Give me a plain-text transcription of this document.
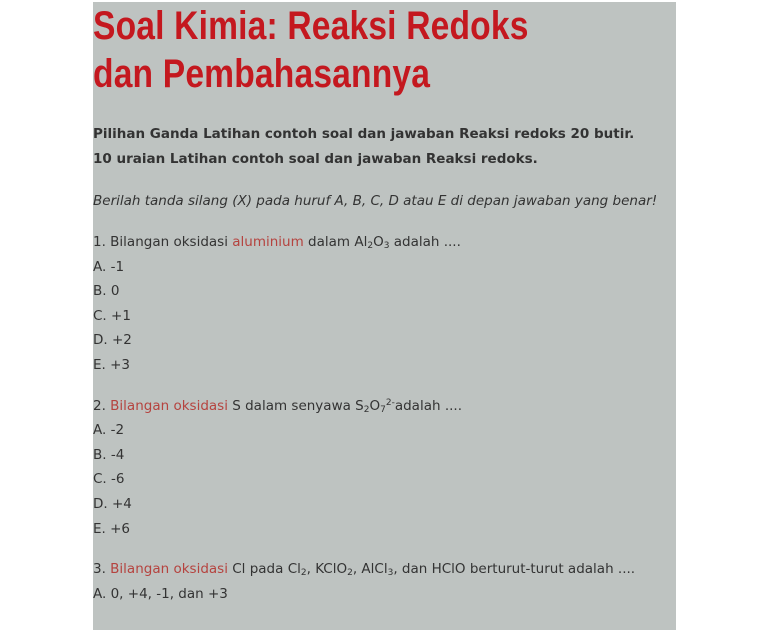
Soal Kimia: Reaksi Redoks
dan Pembahasannya

Pilihan Ganda Latihan contoh soal dan jawaban Reaksi redoks 20 butir.
10 uraian Latihan contoh soal dan jawaban Reaksi redoks.

Berilah tanda silang (X) pada huruf A, B, C, D atau E di depan jawaban yang benar!

1. Bilangan oksidasi aluminium dalam $Al_2O_3$ adalah ....
A. -1
B. 0
C. +1
D. +2
E. +3
2. Bilangan oksidasi S dalam senyawa $S_2O_7^{2-}adalah$ ....
A. -2
B. -4
C. -6
D. +4
E. +6
3. Bilangan oksidasi Cl pada $Cl_2$, KClO$_2$, AlCl$_3$, dan HClO berturut-turut adalah ....
A. 0, +4, -1, dan +3
